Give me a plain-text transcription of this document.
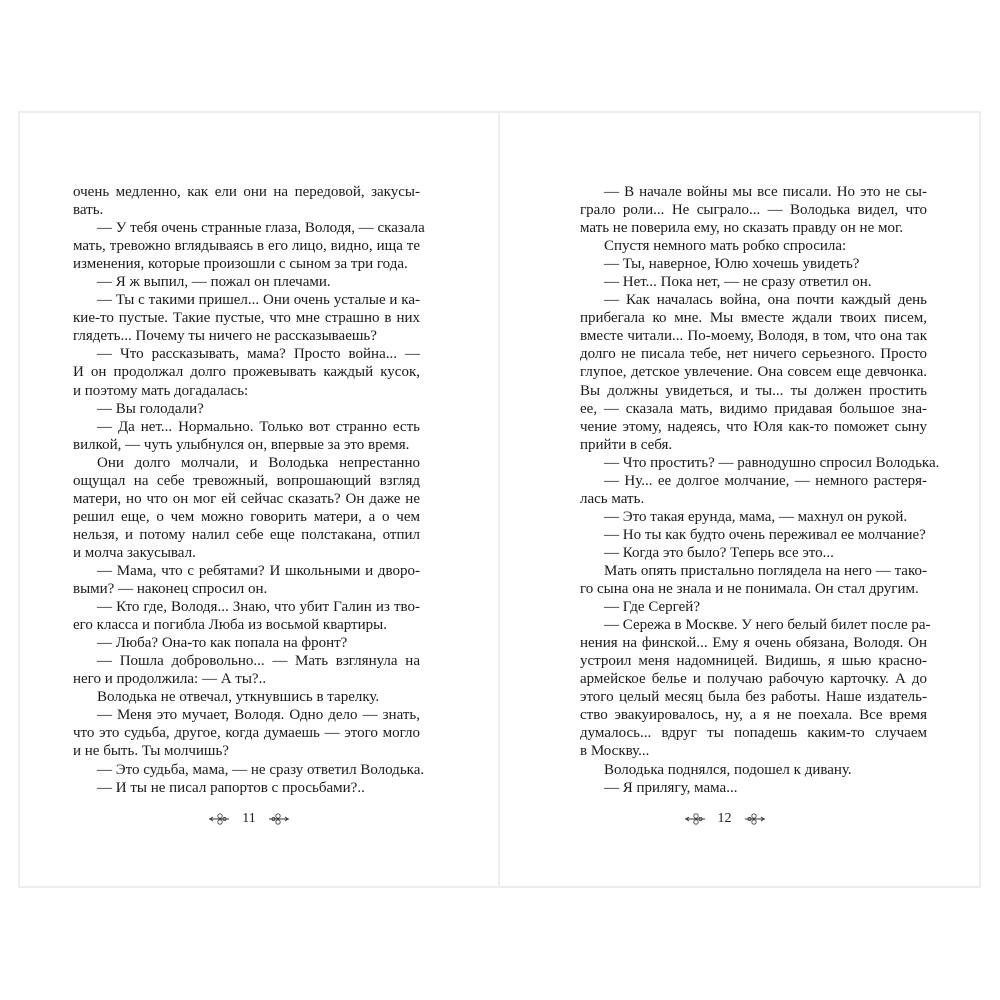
очень медленно, как ели они на передовой, закусы-
вать.
— У тебя очень странные глаза, Володя, — сказала
мать, тревожно вглядываясь в его лицо, видно, ища те
изменения, которые произошли с сыном за три года.
— Я ж выпил, — пожал он плечами.
— Ты с такими пришел... Они очень усталые и ка-
кие-то пустые. Такие пустые, что мне страшно в них
глядеть... Почему ты ничего не рассказываешь?
— Что рассказывать, мама? Просто война... —
И он продолжал долго прожевывать каждый кусок,
и поэтому мать догадалась:
— Вы голодали?
— Да нет... Нормально. Только вот странно есть
вилкой, — чуть улыбнулся он, впервые за это время.
Они долго молчали, и Володька непрестанно
ощущал на себе тревожный, вопрошающий взгляд
матери, но что он мог ей сейчас сказать? Он даже не
решил еще, о чем можно говорить матери, а о чем
нельзя, и потому налил себе еще полстакана, отпил
и молча закусывал.
— Мама, что с ребятами? И школьными и дворо-
выми? — наконец спросил он.
— Кто где, Володя... Знаю, что убит Галин из тво-
его класса и погибла Люба из восьмой квартиры.
— Люба? Она-то как попала на фронт?
— Пошла добровольно... — Мать взглянула на
него и продолжила: — А ты?..
Володька не отвечал, уткнувшись в тарелку.
— Меня это мучает, Володя. Одно дело — знать,
что это судьба, другое, когда думаешь — этого могло
и не быть. Ты молчишь?
— Это судьба, мама, — не сразу ответил Володька.
— И ты не писал рапортов с просьбами?..
11
— В начале войны мы все писали. Но это не сы-
грало роли... Не сыграло... — Володька видел, что
мать не поверила ему, но сказать правду он не мог.
Спустя немного мать робко спросила:
— Ты, наверное, Юлю хочешь увидеть?
— Нет... Пока нет, — не сразу ответил он.
— Как началась война, она почти каждый день
прибегала ко мне. Мы вместе ждали твоих писем,
вместе читали... По-моему, Володя, в том, что она так
долго не писала тебе, нет ничего серьезного. Просто
глупое, детское увлечение. Она совсем еще девчонка.
Вы должны увидеться, и ты... ты должен простить
ее, — сказала мать, видимо придавая большое зна-
чение этому, надеясь, что Юля как-то поможет сыну
прийти в себя.
— Что простить? — равнодушно спросил Володька.
— Ну... ее долгое молчание, — немного растеря-
лась мать.
— Это такая ерунда, мама, — махнул он рукой.
— Но ты как будто очень переживал ее молчание?
— Когда это было? Теперь все это...
Мать опять пристально поглядела на него — тако-
го сына она не знала и не понимала. Он стал другим.
— Где Сергей?
— Сережа в Москве. У него белый билет после ра-
нения на финской... Ему я очень обязана, Володя. Он
устроил меня надомницей. Видишь, я шью красно-
армейское белье и получаю рабочую карточку. А до
этого целый месяц была без работы. Наше издатель-
ство эвакуировалось, ну, а я не поехала. Все время
думалось... вдруг ты попадешь каким-то случаем
в Москву...
Володька поднялся, подошел к дивану.
— Я прилягу, мама...
12
